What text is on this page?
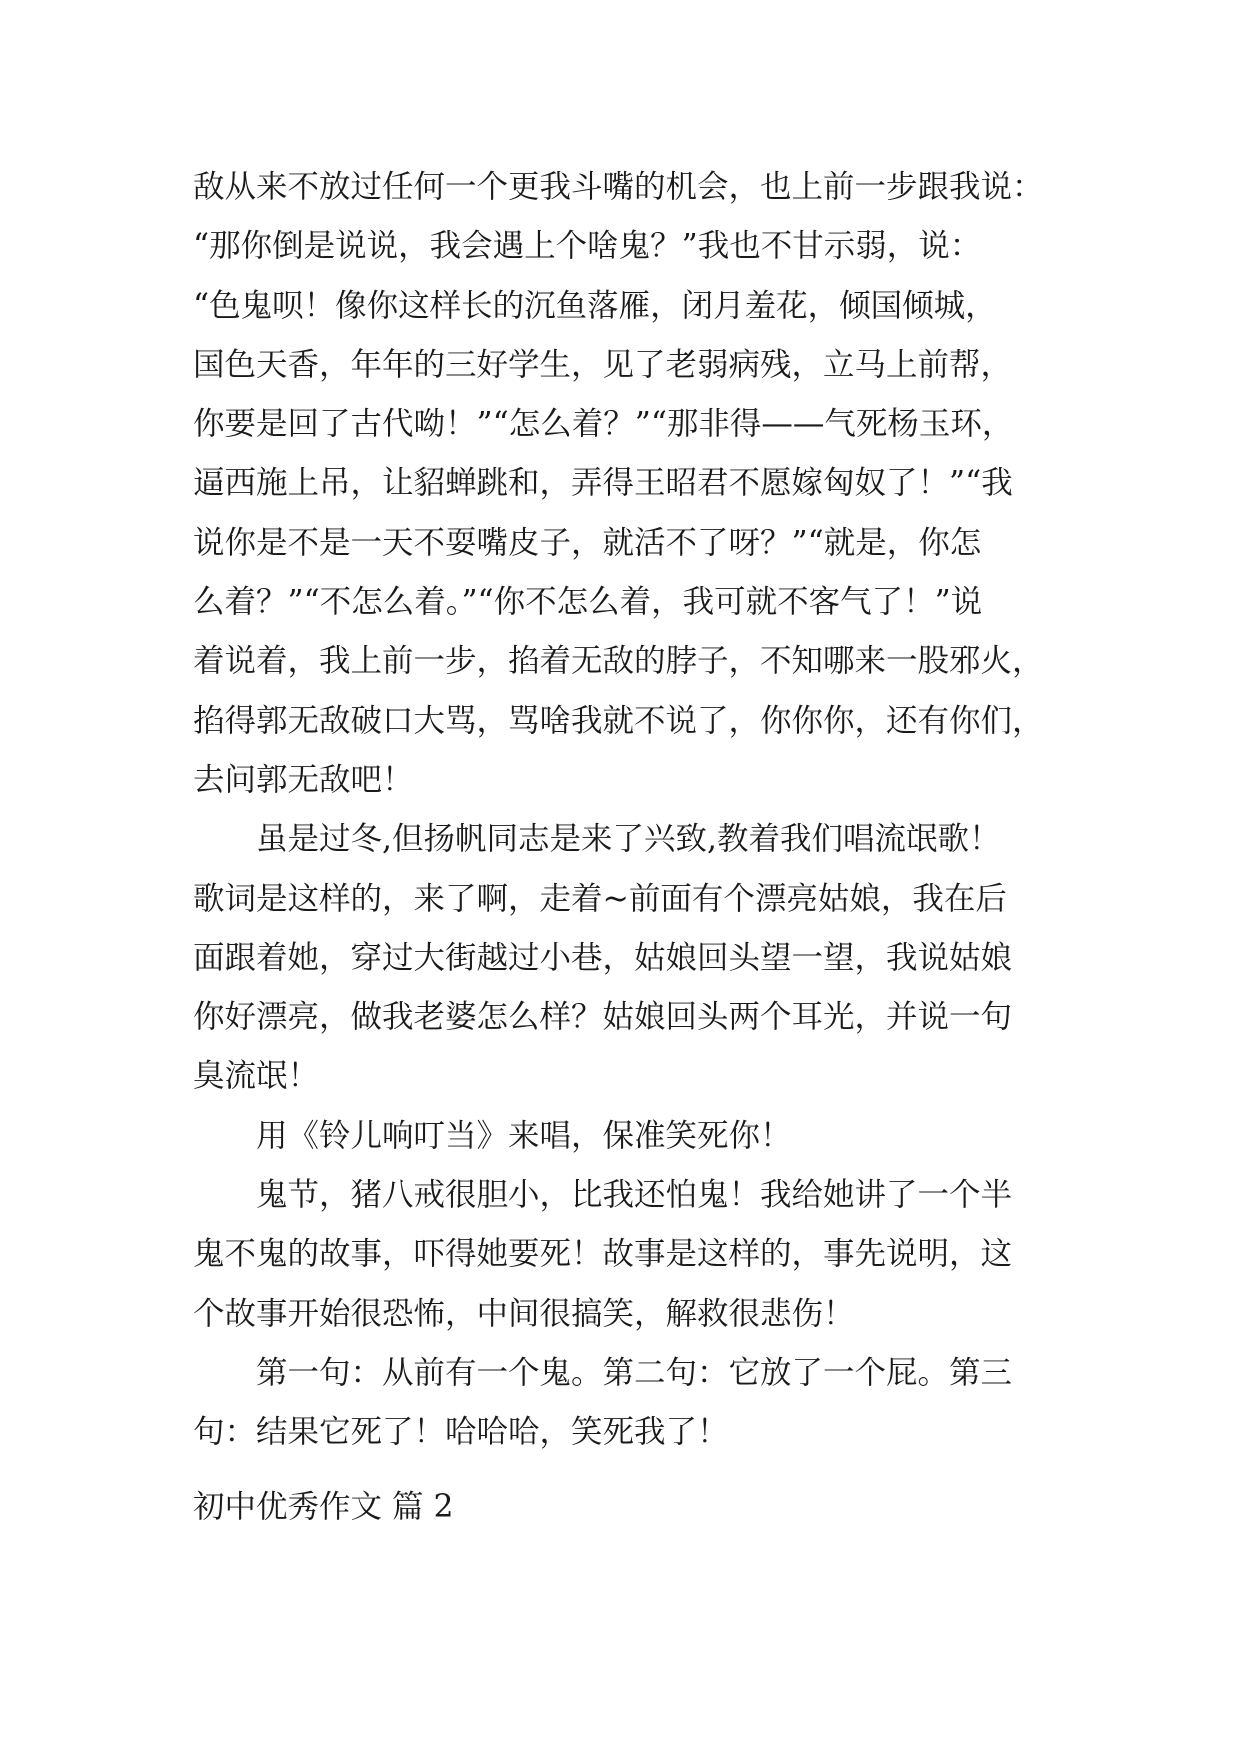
敌从来不放过任何一个更我斗嘴的机会，也上前一步跟我说：
“那你倒是说说，我会遇上个啥鬼？”我也不甘示弱，说：
“色鬼呗！像你这样长的沉鱼落雁，闭月羞花，倾国倾城，
国色天香，年年的三好学生，见了老弱病残，立马上前帮，
你要是回了古代呦！”“怎么着？”“那非得——气死杨玉环，
逼西施上吊，让貂蝉跳和，弄得王昭君不愿嫁匈奴了！”“我
说你是不是一天不耍嘴皮子，就活不了呀？”“就是，你怎
么着？”“不怎么着。”“你不怎么着，我可就不客气了！”说
着说着，我上前一步，掐着无敌的脖子，不知哪来一股邪火，
掐得郭无敌破口大骂，骂啥我就不说了，你你你，还有你们，
去问郭无敌吧！
虽是过冬,但扬帆同志是来了兴致,教着我们唱流氓歌！
歌词是这样的，来了啊，走着~前面有个漂亮姑娘，我在后
面跟着她，穿过大街越过小巷，姑娘回头望一望，我说姑娘
你好漂亮，做我老婆怎么样？姑娘回头两个耳光，并说一句
臭流氓！
用《铃儿响叮当》来唱，保准笑死你！
鬼节，猪八戒很胆小，比我还怕鬼！我给她讲了一个半
鬼不鬼的故事，吓得她要死！故事是这样的，事先说明，这
个故事开始很恐怖，中间很搞笑，解救很悲伤！
第一句：从前有一个鬼。第二句：它放了一个屁。第三
句：结果它死了！哈哈哈，笑死我了！
初中优秀作文 篇 2
